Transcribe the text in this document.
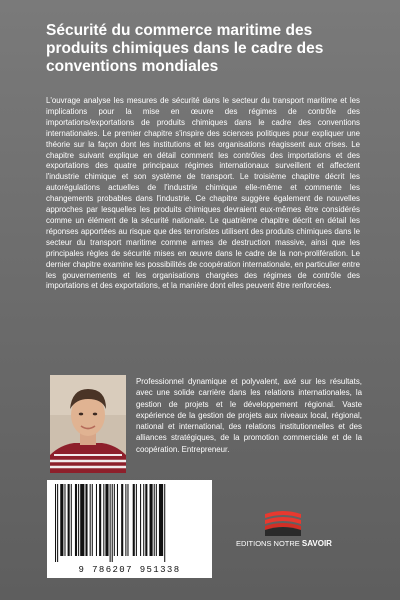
Sécurité du commerce maritime des produits chimiques dans le cadre des conventions mondiales

L'ouvrage analyse les mesures de sécurité dans le secteur du transport maritime et les implications pour la mise en œuvre des régimes de contrôle des importations/exportations de produits chimiques dans le cadre des conventions internationales. Le premier chapitre s'inspire des sciences politiques pour expliquer une théorie sur la façon dont les institutions et les organisations réagissent aux crises. Le chapitre suivant explique en détail comment les contrôles des importations et des exportations des quatre principaux régimes internationaux surveillent et affectent l'industrie chimique et son système de transport. Le troisième chapitre décrit les autorégulations actuelles de l'industrie chimique elle-même et commente les changements probables dans l'industrie. Ce chapitre suggère également de nouvelles approches par lesquelles les produits chimiques devraient eux-mêmes être considérés comme un élément de la sécurité nationale. Le quatrième chapitre décrit en détail les réponses apportées au risque que des terroristes utilisent des produits chimiques dans le secteur du transport maritime comme armes de destruction massive, ainsi que les principales règles de sécurité mises en œuvre dans le cadre de la non-prolifération. Le dernier chapitre examine les possibilités de coopération internationale, en particulier entre les gouvernements et les organisations chargées des régimes de contrôle des importations et des exportations, et la manière dont elles peuvent être renforcées.

Professionnel dynamique et polyvalent, axé sur les résultats, avec une solide carrière dans les relations internationales, la gestion de projets et le développement régional. Vaste expérience de la gestion de projets aux niveaux local, régional, national et international, des relations institutionnelles et des alliances stratégiques, de la promotion commerciale et de la coopération. Entrepreneur.

9 786207 951338
EDITIONS NOTRE SAVOIR
